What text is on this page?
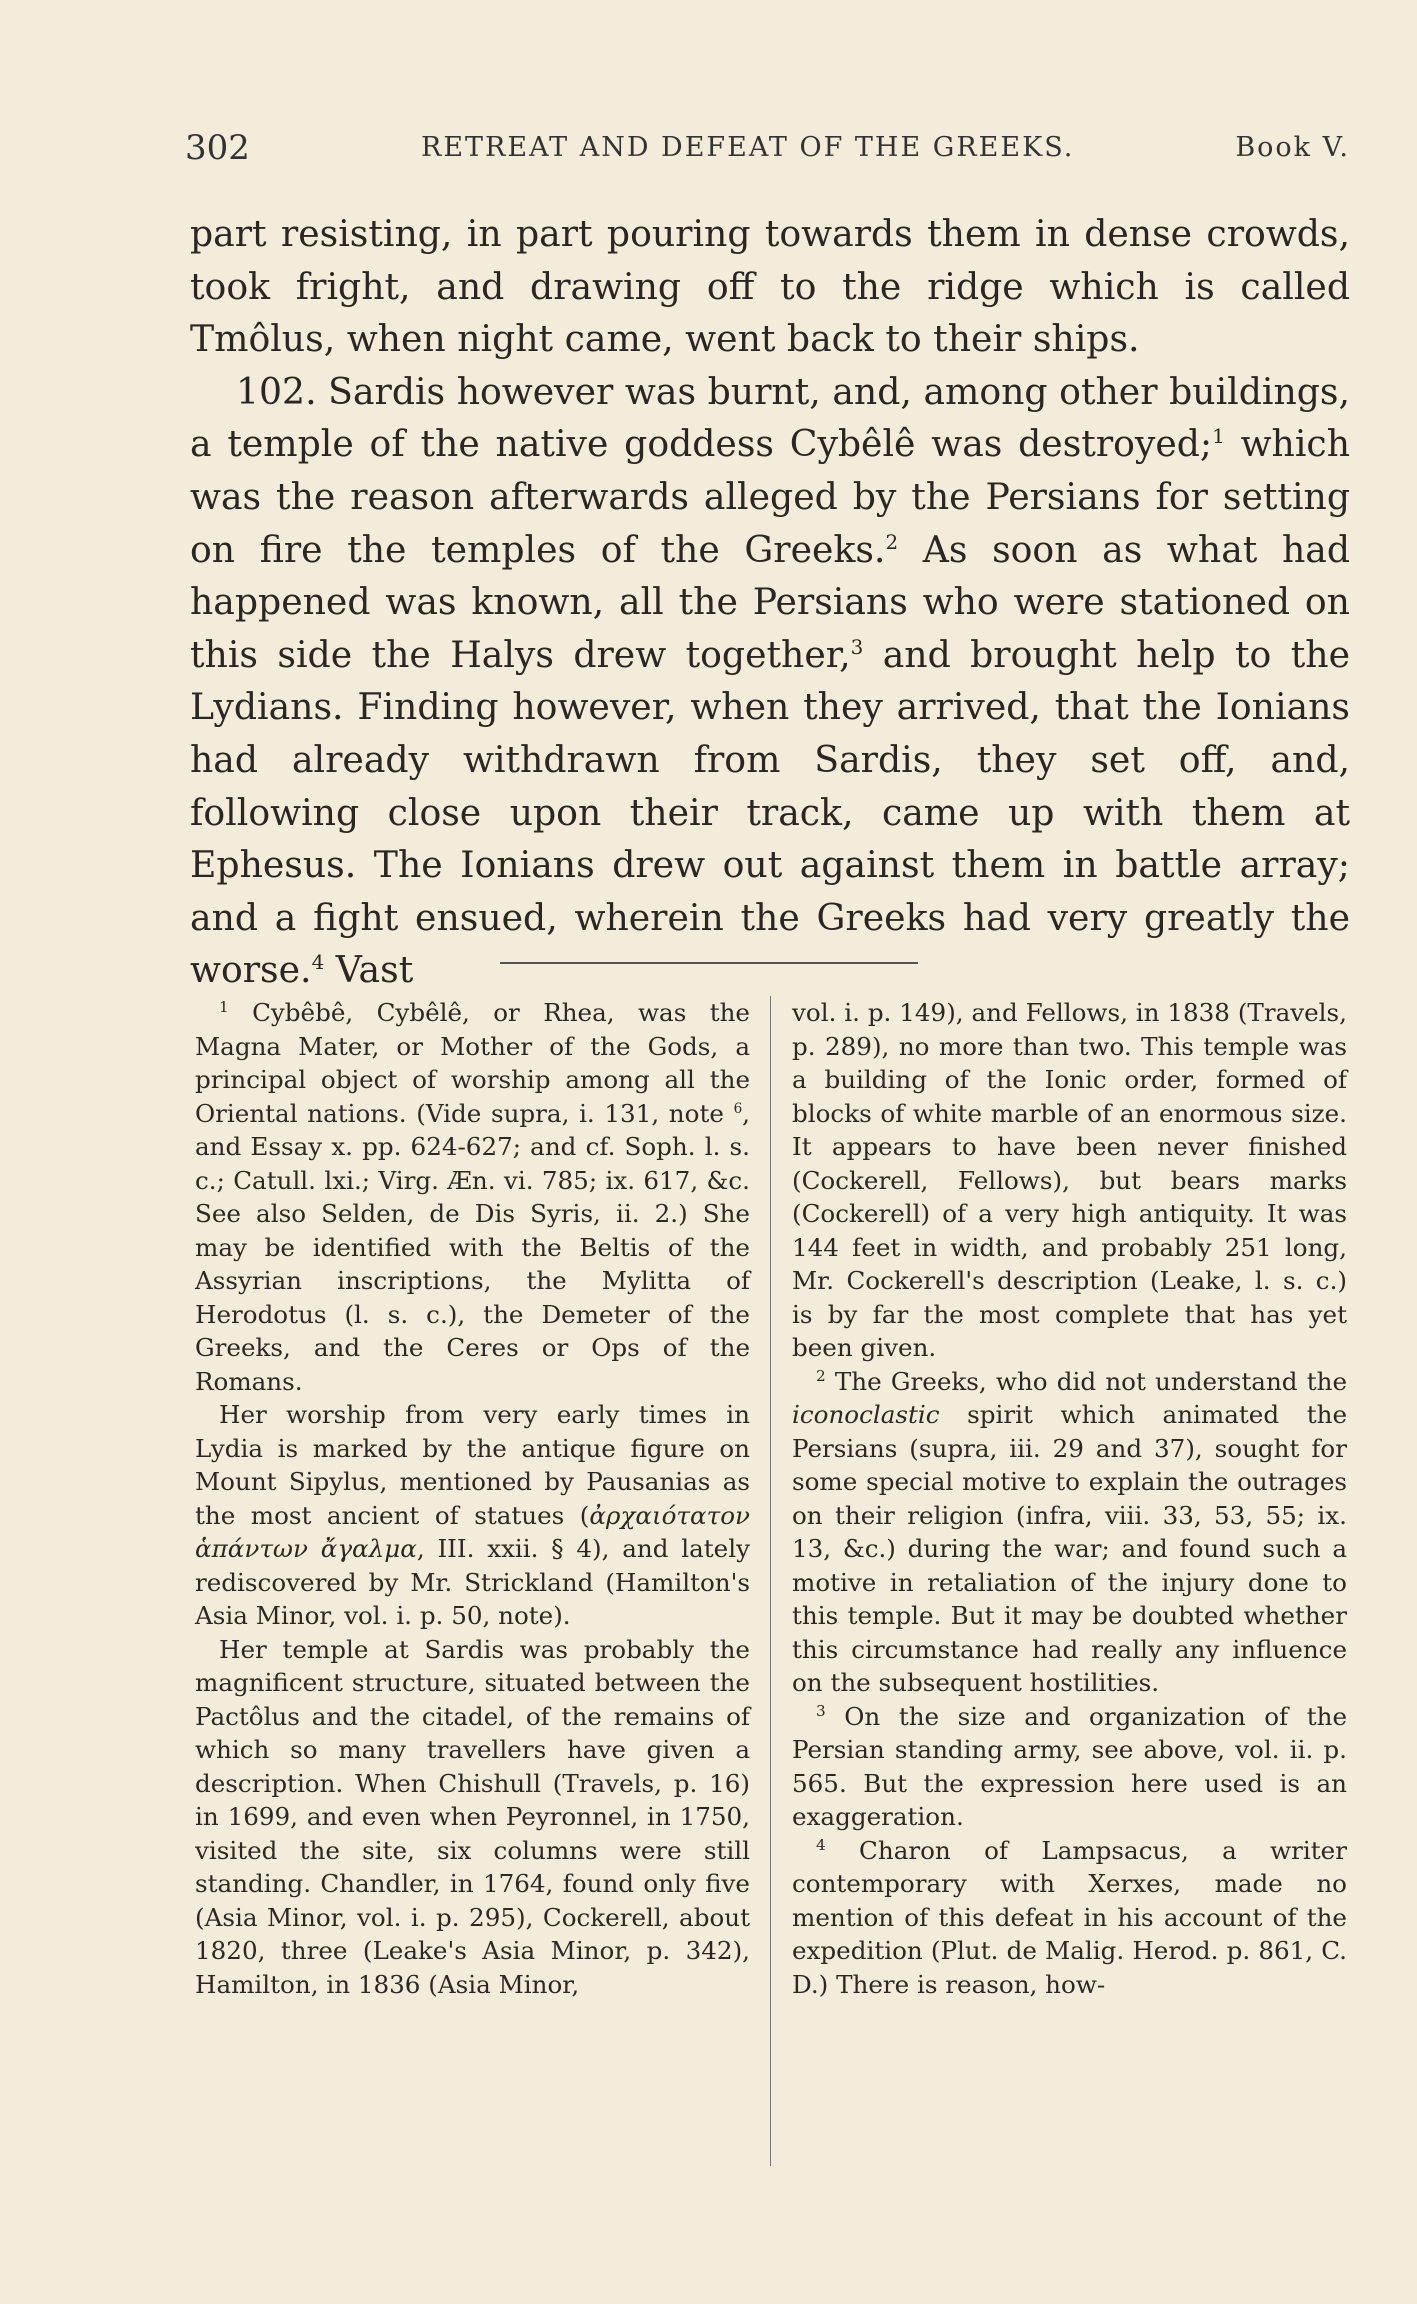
302	RETREAT AND DEFEAT OF THE GREEKS.	Book V.

part resisting, in part pouring towards them in dense crowds, took fright, and drawing off to the ridge which is called Tmôlus, when night came, went back to their ships.

102. Sardis however was burnt, and, among other buildings, a temple of the native goddess Cybêlê was destroyed;$^1$ which was the reason afterwards alleged by the Persians for setting on fire the temples of the Greeks.$^2$ As soon as what had happened was known, all the Persians who were stationed on this side the Halys drew together,$^3$ and brought help to the Lydians. Finding however, when they arrived, that the Ionians had already withdrawn from Sardis, they set off, and, following close upon their track, came up with them at Ephesus. The Ionians drew out against them in battle array; and a fight ensued, wherein the Greeks had very greatly the worse.$^4$ Vast

$^1$ Cybêbê, Cybêlê, or Rhea, was the Magna Mater, or Mother of the Gods, a principal object of worship among all the Oriental nations. (Vide supra, i. 131, note $^6$, and Essay x. pp. 624-627; and cf. Soph. l. s. c.; Catull. lxi.; Virg. Æn. vi. 785; ix. 617, &c. See also Selden, de Dis Syris, ii. 2.) She may be identified with the Beltis of the Assyrian inscriptions, the Mylitta of Herodotus (l. s. c.), the Demeter of the Greeks, and the Ceres or Ops of the Romans.

Her worship from very early times in Lydia is marked by the antique figure on Mount Sipylus, mentioned by Pausanias as the most ancient of statues (ἀρχαιότατον ἁπάντων ἄγαλμα, III. xxii. § 4), and lately rediscovered by Mr. Strickland (Hamilton's Asia Minor, vol. i. p. 50, note).

Her temple at Sardis was probably the magnificent structure, situated between the Pactôlus and the citadel, of the remains of which so many travellers have given a description. When Chishull (Travels, p. 16) in 1699, and even when Peyronnel, in 1750, visited the site, six columns were still standing. Chandler, in 1764, found only five (Asia Minor, vol. i. p. 295), Cockerell, about 1820, three (Leake's Asia Minor, p. 342), Hamilton, in 1836 (Asia Minor,

vol. i. p. 149), and Fellows, in 1838 (Travels, p. 289), no more than two. This temple was a building of the Ionic order, formed of blocks of white marble of an enormous size. It appears to have been never finished (Cockerell, Fellows), but bears marks (Cockerell) of a very high antiquity. It was 144 feet in width, and probably 251 long, Mr. Cockerell's description (Leake, l. s. c.) is by far the most complete that has yet been given.

$^2$ The Greeks, who did not understand the iconoclastic spirit which animated the Persians (supra, iii. 29 and 37), sought for some special motive to explain the outrages on their religion (infra, viii. 33, 53, 55; ix. 13, &c.) during the war; and found such a motive in retaliation of the injury done to this temple. But it may be doubted whether this circumstance had really any influence on the subsequent hostilities.

$^3$ On the size and organization of the Persian standing army, see above, vol. ii. p. 565. But the expression here used is an exaggeration.

$^4$ Charon of Lampsacus, a writer contemporary with Xerxes, made no mention of this defeat in his account of the expedition (Plut. de Malig. Herod. p. 861, C. D.) There is reason, how-
